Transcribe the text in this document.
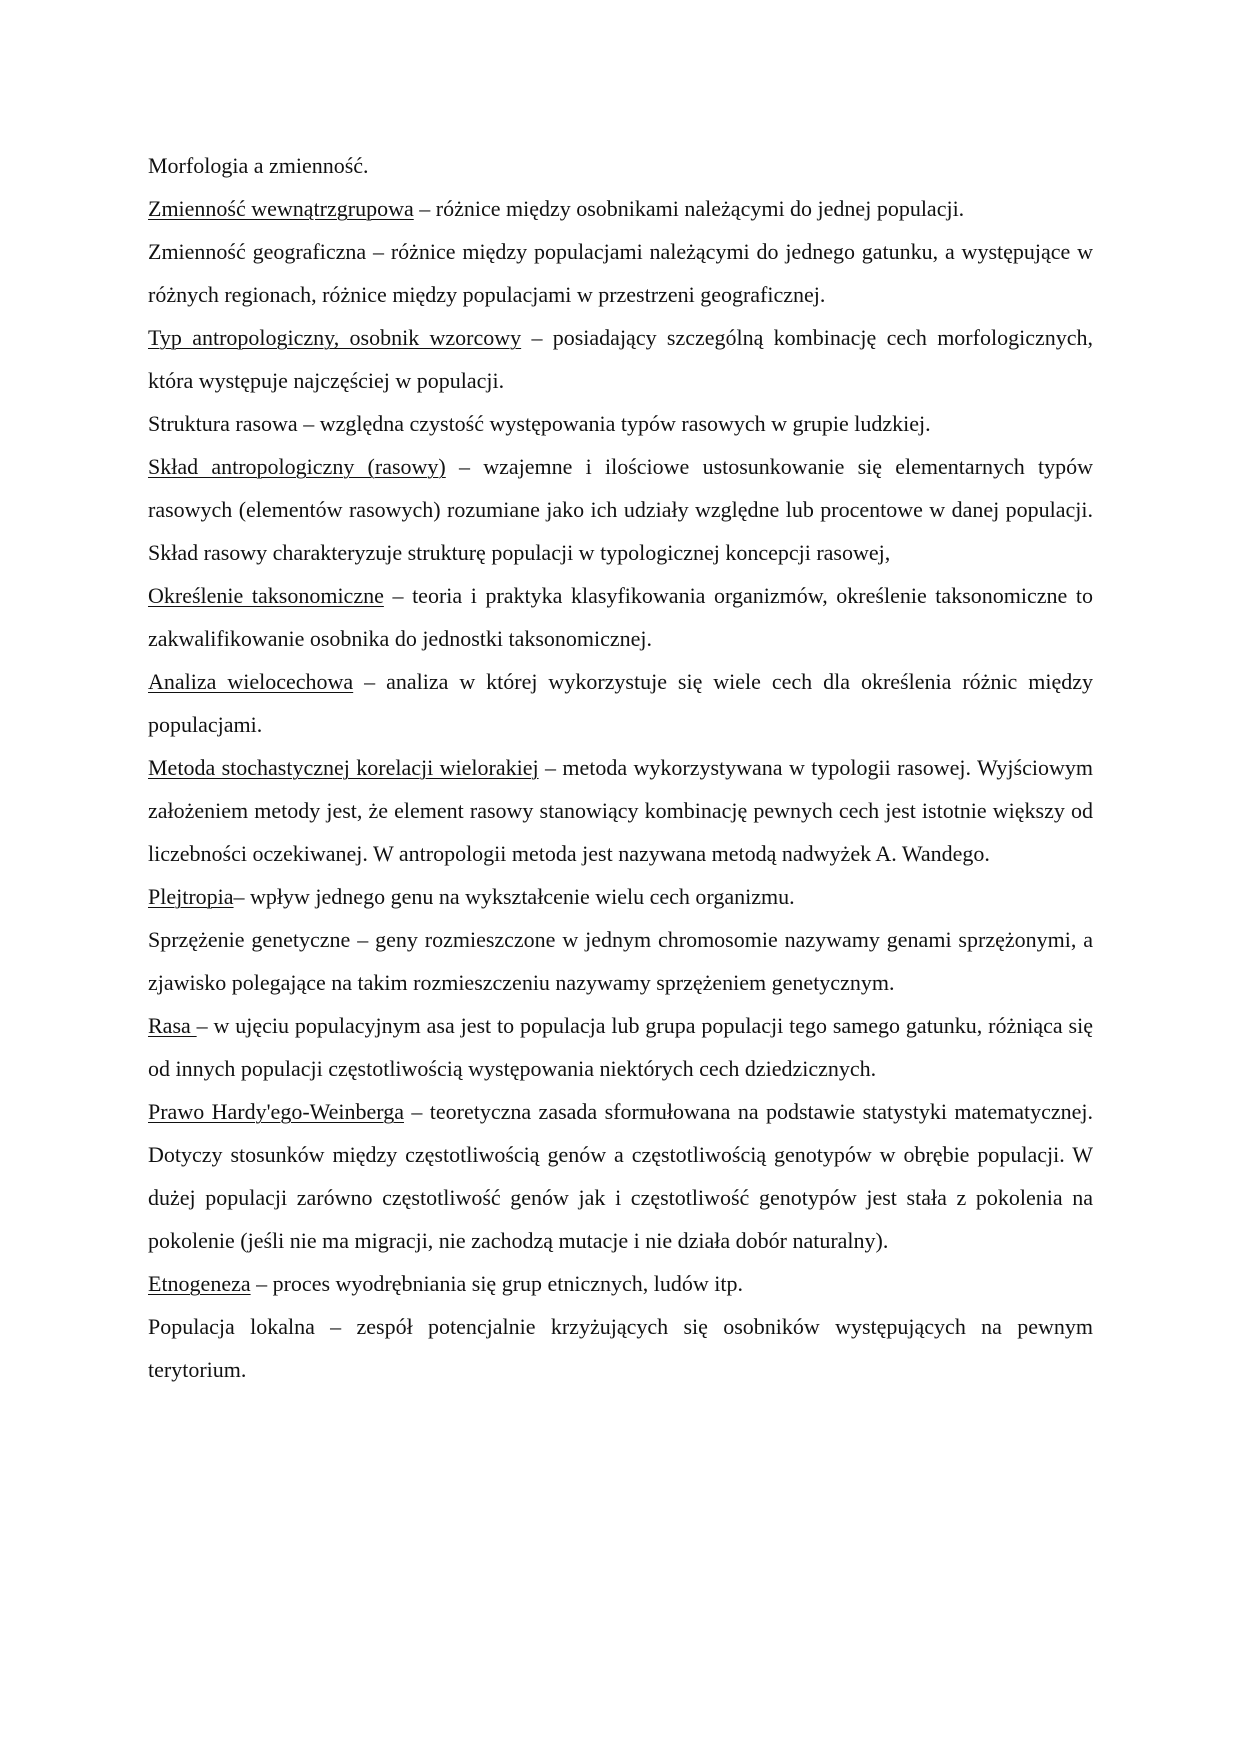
Morfologia a zmienność.

Zmienność wewnątrzgrupowa – różnice między osobnikami należącymi do jednej populacji.

Zmienność geograficzna – różnice między populacjami należącymi do jednego gatunku, a występujące w różnych regionach, różnice między populacjami w przestrzeni geograficznej.

Typ antropologiczny, osobnik wzorcowy – posiadający szczególną kombinację cech morfologicznych, która występuje najczęściej w populacji.

Struktura rasowa – względna czystość występowania typów rasowych w grupie ludzkiej.

Skład antropologiczny (rasowy) – wzajemne i ilościowe ustosunkowanie się elementarnych typów rasowych (elementów rasowych) rozumiane jako ich udziały względne lub procentowe w danej populacji. Skład rasowy charakteryzuje strukturę populacji w typologicznej koncepcji rasowej,

Określenie taksonomiczne – teoria i praktyka klasyfikowania organizmów, określenie taksonomiczne to zakwalifikowanie osobnika do jednostki taksonomicznej.

Analiza wielocechowa – analiza w której wykorzystuje się wiele cech dla określenia różnic między populacjami.

Metoda stochastycznej korelacji wielorakiej – metoda wykorzystywana w typologii rasowej. Wyjściowym założeniem metody jest, że element rasowy stanowiący kombinację pewnych cech jest istotnie większy od liczebności oczekiwanej. W antropologii metoda jest nazywana metodą nadwyżek A. Wandego.

Plejtropia– wpływ jednego genu na wykształcenie wielu cech organizmu.

Sprzężenie genetyczne – geny rozmieszczone w jednym chromosomie nazywamy genami sprzężonymi, a zjawisko polegające na takim rozmieszczeniu nazywamy sprzężeniem genetycznym.

Rasa – w ujęciu populacyjnym asa jest to populacja lub grupa populacji tego samego gatunku, różniąca się od innych populacji częstotliwością występowania niektórych cech dziedzicznych.

Prawo Hardy'ego-Weinberga – teoretyczna zasada sformułowana na podstawie statystyki matematycznej. Dotyczy stosunków między częstotliwością genów a częstotliwością genotypów w obrębie populacji. W dużej populacji zarówno częstotliwość genów jak i częstotliwość genotypów jest stała z pokolenia na pokolenie (jeśli nie ma migracji, nie zachodzą mutacje i nie działa dobór naturalny).

Etnogeneza – proces wyodrębniania się grup etnicznych, ludów itp.

Populacja lokalna – zespół potencjalnie krzyżujących się osobników występujących na pewnym terytorium.
